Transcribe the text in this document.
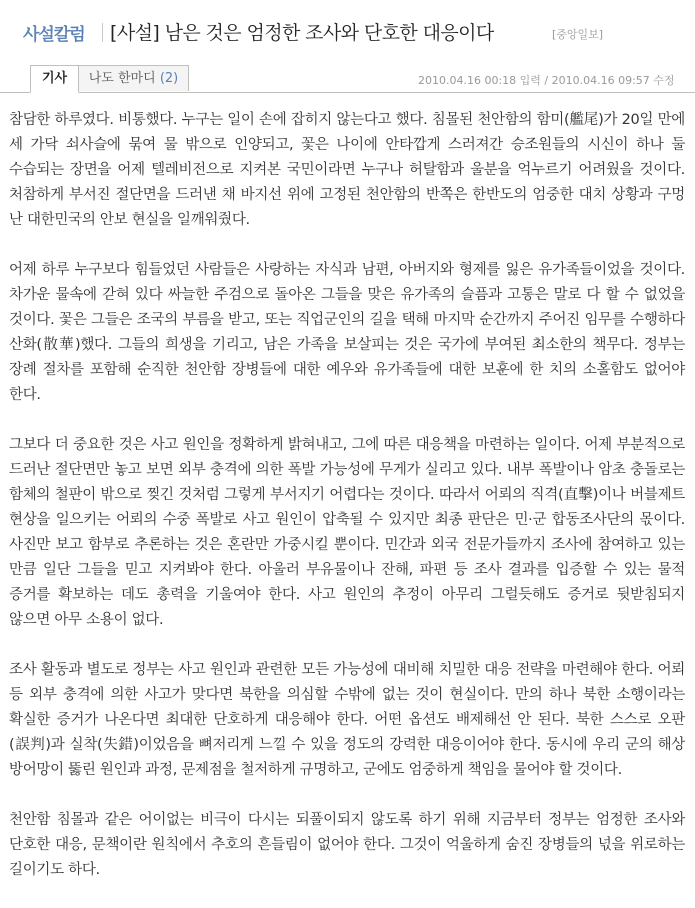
사설칼럼 [사설] 남은 것은 엄정한 조사와 단호한 대응이다	[중앙일보]
기사	나도 한마디 (2)	2010.04.16 00:18 입력 / 2010.04.16 09:57 수정

참담한 하루였다. 비통했다. 누구는 일이 손에 잡히지 않는다고 했다. 침몰된 천안함의 함미(艦尾)가 20일 만에 세 가닥 쇠사슬에 묶여 물 밖으로 인양되고, 꽃은 나이에 안타깝게 스러져간 승조원들의 시신이 하나 둘 수습되는 장면을 어제 텔레비전으로 지켜본 국민이라면 누구나 허탈함과 울분을 억누르기 어려웠을 것이다. 처참하게 부서진 절단면을 드러낸 채 바지선 위에 고정된 천안함의 반쪽은 한반도의 엄중한 대치 상황과 구멍 난 대한민국의 안보 현실을 일깨워줬다.

어제 하루 누구보다 힘들었던 사람들은 사랑하는 자식과 남편, 아버지와 형제를 잃은 유가족들이었을 것이다. 차가운 물속에 갇혀 있다 싸늘한 주검으로 돌아온 그들을 맞은 유가족의 슬픔과 고통은 말로 다 할 수 없었을 것이다. 꽃은 그들은 조국의 부름을 받고, 또는 직업군인의 길을 택해 마지막 순간까지 주어진 임무를 수행하다 산화(散華)했다. 그들의 희생을 기리고, 남은 가족을 보살피는 것은 국가에 부여된 최소한의 책무다. 정부는 장례 절차를 포함해 순직한 천안함 장병들에 대한 예우와 유가족들에 대한 보훈에 한 치의 소홀함도 없어야 한다.

그보다 더 중요한 것은 사고 원인을 정확하게 밝혀내고, 그에 따른 대응책을 마련하는 일이다. 어제 부분적으로 드러난 절단면만 놓고 보면 외부 충격에 의한 폭발 가능성에 무게가 실리고 있다. 내부 폭발이나 암초 충돌로는 함체의 철판이 밖으로 찢긴 것처럼 그렇게 부서지기 어렵다는 것이다. 따라서 어뢰의 직격(直擊)이나 버블제트 현상을 일으키는 어뢰의 수중 폭발로 사고 원인이 압축될 수 있지만 최종 판단은 민·군 합동조사단의 몫이다. 사진만 보고 함부로 추론하는 것은 혼란만 가중시킬 뿐이다. 민간과 외국 전문가들까지 조사에 참여하고 있는 만큼 일단 그들을 믿고 지켜봐야 한다. 아울러 부유물이나 잔해, 파편 등 조사 결과를 입증할 수 있는 물적 증거를 확보하는 데도 총력을 기울여야 한다. 사고 원인의 추정이 아무리 그럴듯해도 증거로 뒷받침되지 않으면 아무 소용이 없다.

조사 활동과 별도로 정부는 사고 원인과 관련한 모든 가능성에 대비해 치밀한 대응 전략을 마련해야 한다. 어뢰 등 외부 충격에 의한 사고가 맞다면 북한을 의심할 수밖에 없는 것이 현실이다. 만의 하나 북한 소행이라는 확실한 증거가 나온다면 최대한 단호하게 대응해야 한다. 어떤 옵션도 배제해선 안 된다. 북한 스스로 오판(誤判)과 실착(失錯)이었음을 뼈저리게 느낄 수 있을 정도의 강력한 대응이어야 한다. 동시에 우리 군의 해상 방어망이 뚫린 원인과 과정, 문제점을 철저하게 규명하고, 군에도 엄중하게 책임을 물어야 할 것이다.

천안함 침몰과 같은 어이없는 비극이 다시는 되풀이되지 않도록 하기 위해 지금부터 정부는 엄정한 조사와 단호한 대응, 문책이란 원칙에서 추호의 흔들림이 없어야 한다. 그것이 억울하게 숨진 장병들의 넋을 위로하는 길이기도 하다.
